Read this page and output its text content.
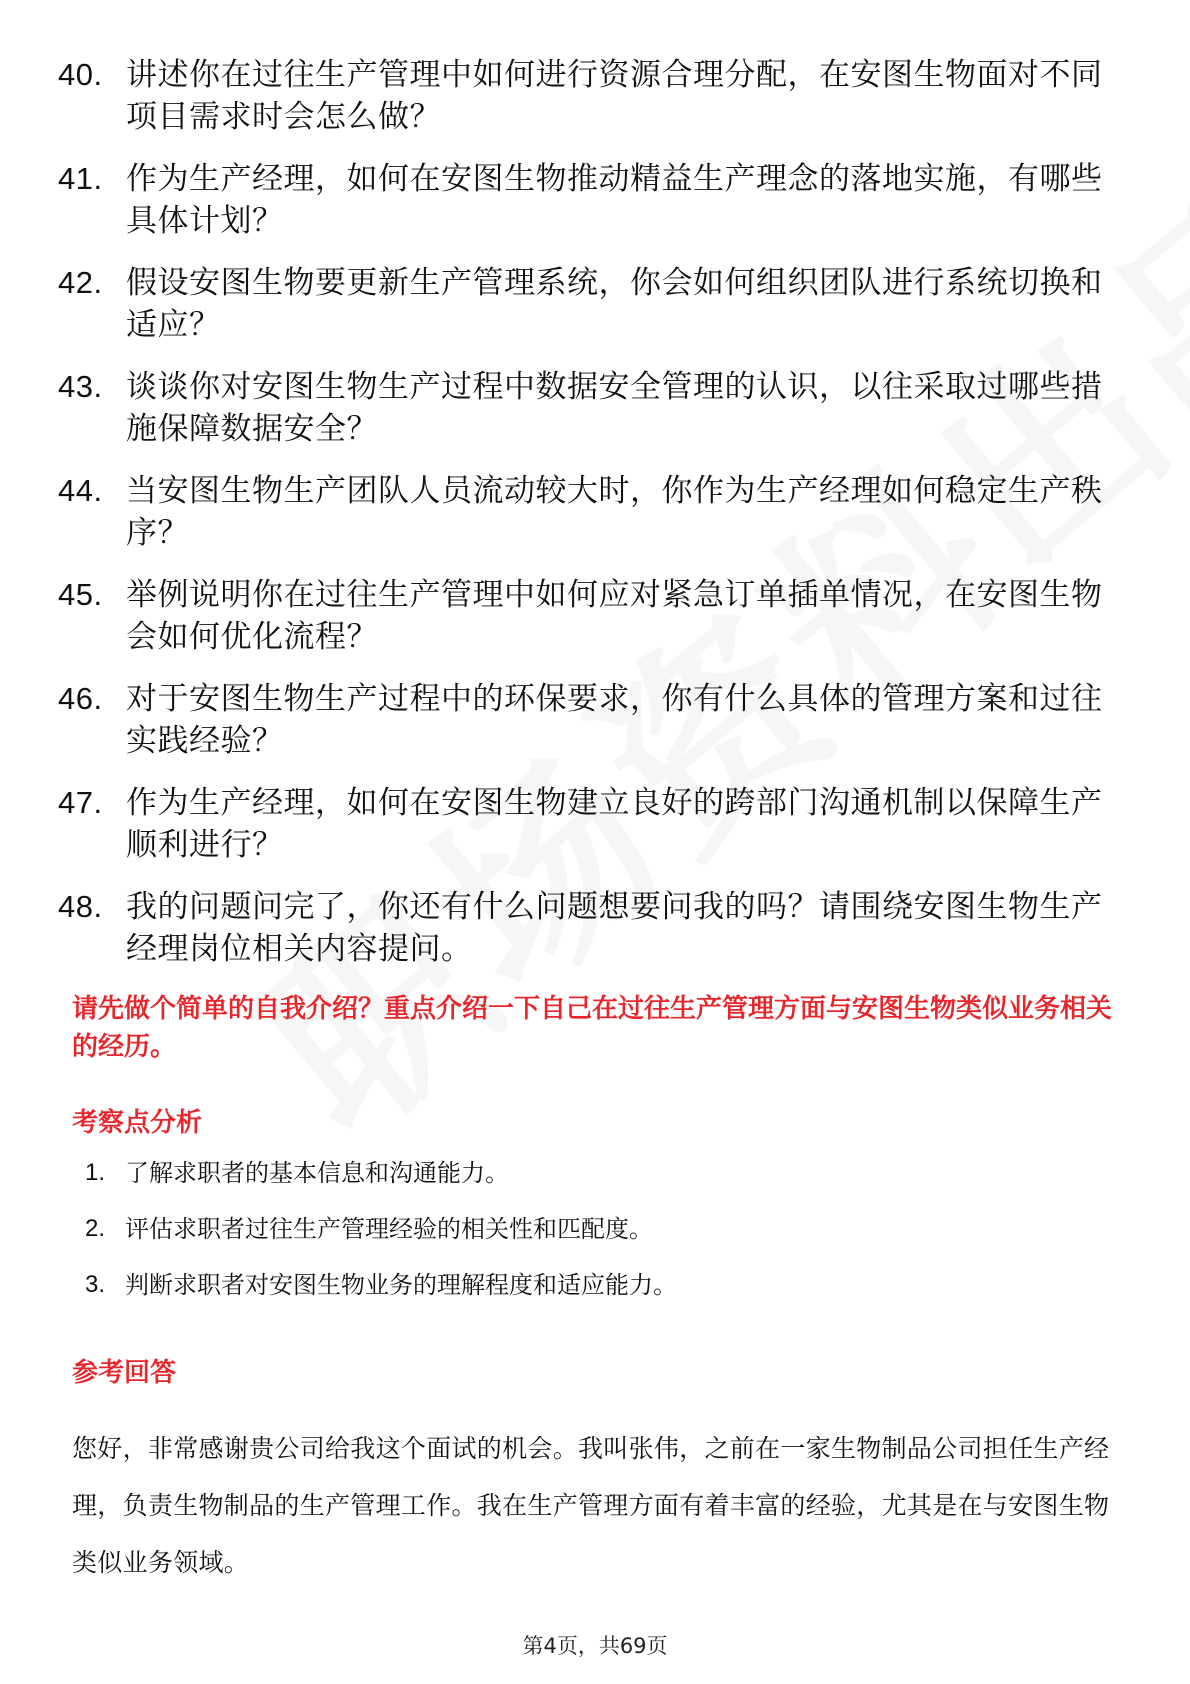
40. 讲述你在过往生产管理中如何进行资源合理分配，在安图生物面对不同项目需求时会怎么做？
41. 作为生产经理，如何在安图生物推动精益生产理念的落地实施，有哪些具体计划？
42. 假设安图生物要更新生产管理系统，你会如何组织团队进行系统切换和适应？
43. 谈谈你对安图生物生产过程中数据安全管理的认识，以往采取过哪些措施保障数据安全？
44. 当安图生物生产团队人员流动较大时，你作为生产经理如何稳定生产秩序？
45. 举例说明你在过往生产管理中如何应对紧急订单插单情况，在安图生物会如何优化流程？
46. 对于安图生物生产过程中的环保要求，你有什么具体的管理方案和过往实践经验？
47. 作为生产经理，如何在安图生物建立良好的跨部门沟通机制以保障生产顺利进行？
48. 我的问题问完了，你还有什么问题想要问我的吗？请围绕安图生物生产经理岗位相关内容提问。
请先做个简单的自我介绍？重点介绍一下自己在过往生产管理方面与安图生物类似业务相关的经历。
考察点分析
1. 了解求职者的基本信息和沟通能力。
2. 评估求职者过往生产管理经验的相关性和匹配度。
3. 判断求职者对安图生物业务的理解程度和适应能力。
参考回答
您好，非常感谢贵公司给我这个面试的机会。我叫张伟，之前在一家生物制品公司担任生产经理，负责生物制品的生产管理工作。我在生产管理方面有着丰富的经验，尤其是在与安图生物类似业务领域。
第4页，共69页
